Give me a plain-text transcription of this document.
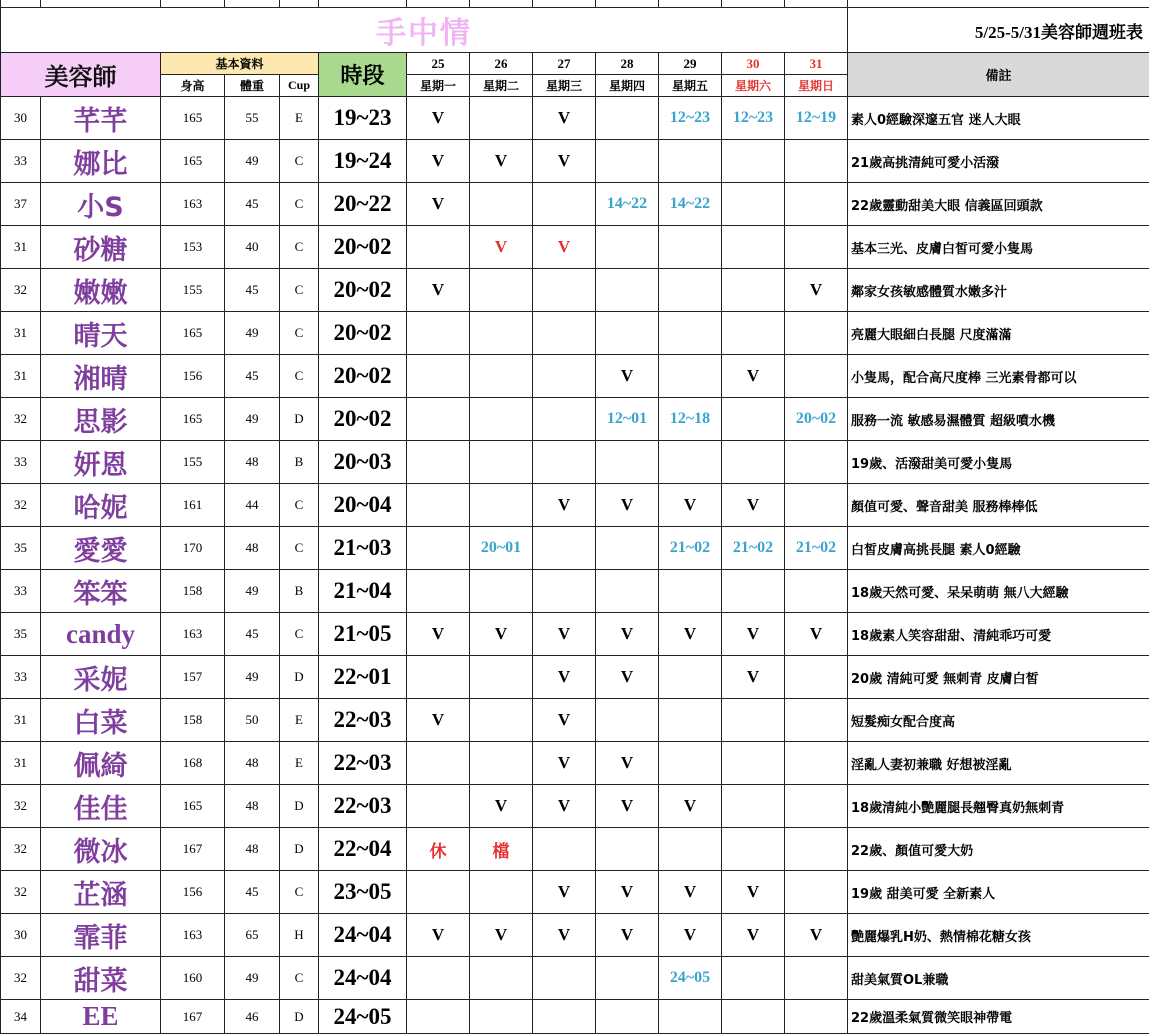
手中情													5/25-5/31美容師週班表
美容師		基本資料			時段	25	26	27	28	29	30	31	備註
		身高	體重	Cup		星期一	星期二	星期三	星期四	星期五	星期六	星期日	
30	芊芊	165	55	E	19~23	V		V		12~23	12~23	12~19	素人0經驗深邃五官 迷人大眼
33	娜比	165	49	C	19~24	V	V	V					21歲高挑清純可愛小活潑
37	小S	163	45	C	20~22	V			14~22	14~22			22歲靈動甜美大眼 信義區回頭款
31	砂糖	153	40	C	20~02		V	V					基本三光、皮膚白皙可愛小隻馬
32	嫩嫩	155	45	C	20~02	V						V	鄰家女孩敏感體質水嫩多汁
31	晴天	165	49	C	20~02								亮麗大眼細白長腿 尺度滿滿
31	湘晴	156	45	C	20~02				V		V		小隻馬，配合高尺度棒 三光素骨都可以
32	思影	165	49	D	20~02				12~01	12~18		20~02	服務一流 敏感易濕體質 超級噴水機
33	妍恩	155	48	B	20~03								19歲、活潑甜美可愛小隻馬
32	哈妮	161	44	C	20~04			V	V	V	V		顏值可愛、聲音甜美 服務棒棒低
35	愛愛	170	48	C	21~03		20~01			21~02	21~02	21~02	白皙皮膚高挑長腿 素人0經驗
33	笨笨	158	49	B	21~04								18歲天然可愛、呆呆萌萌 無八大經驗
35	candy	163	45	C	21~05	V	V	V	V	V	V	V	18歲素人笑容甜甜、清純乖巧可愛
33	采妮	157	49	D	22~01			V	V		V		20歲 清純可愛 無刺青 皮膚白皙
31	白菜	158	50	E	22~03	V		V					短髮痴女配合度高
31	佩綺	168	48	E	22~03			V	V				淫亂人妻初兼職 好想被淫亂
32	佳佳	165	48	D	22~03		V	V	V	V			18歲清純小艷麗腿長翹臀真奶無刺青
32	微冰	167	48	D	22~04	休	檔						22歲、顏值可愛大奶
32	芷涵	156	45	C	23~05			V	V	V	V		19歲 甜美可愛 全新素人
30	霏菲	163	65	H	24~04	V	V	V	V	V	V	V	艷麗爆乳H奶、熱情棉花糖女孩
32	甜菜	160	49	C	24~04					24~05			甜美氣質OL兼職
34	EE	167	46	D	24~05								22歲溫柔氣質微笑眼神帶電
